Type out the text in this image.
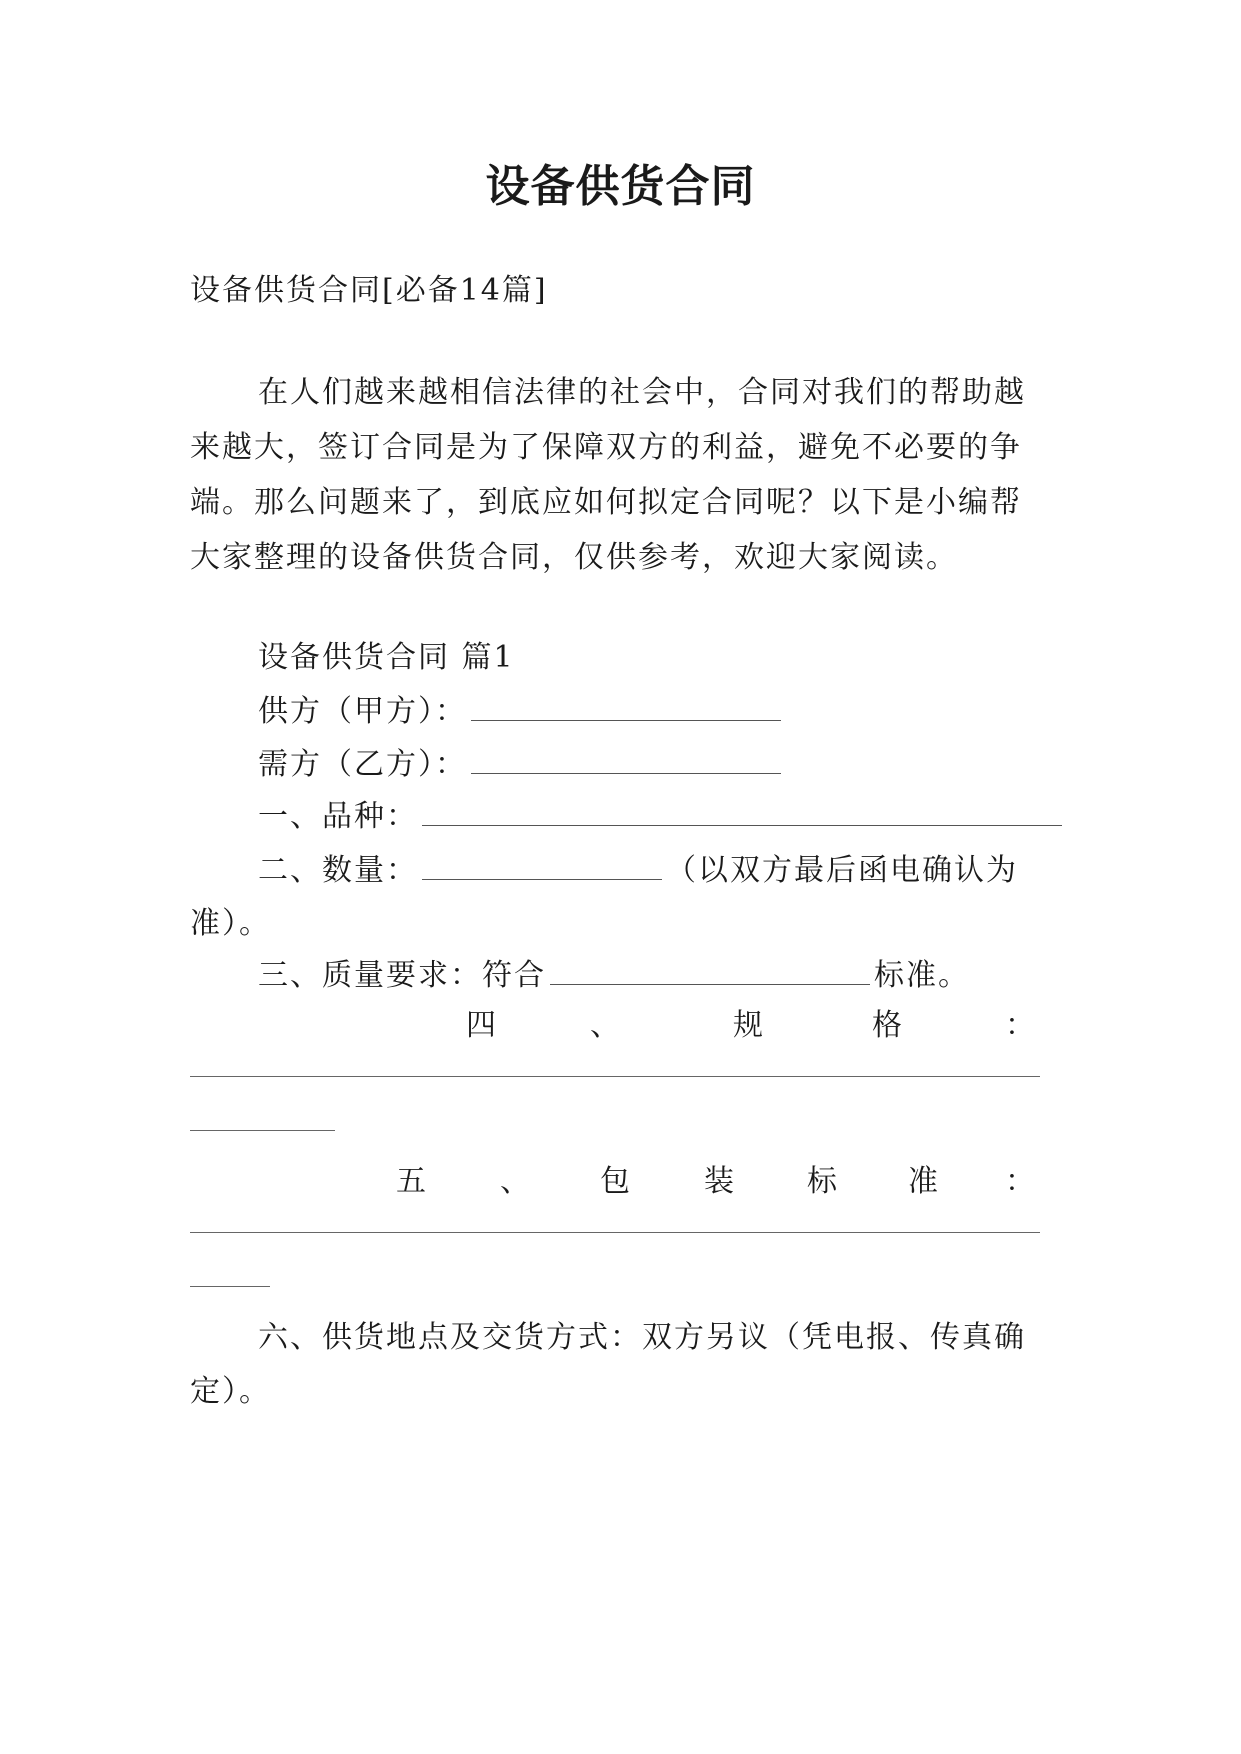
设备供货合同
设备供货合同[必备14篇]
在人们越来越相信法律的社会中，合同对我们的帮助越
来越大，签订合同是为了保障双方的利益，避免不必要的争
端。那么问题来了，到底应如何拟定合同呢？以下是小编帮
大家整理的设备供货合同，仅供参考，欢迎大家阅读。
设备供货合同 篇1
供方（甲方）：
需方（乙方）：
一、品种：
二、数量：	（以双方最后函电确认为
准）。
三、质量要求：符合	标准。
四	、	规	格	：
五 、 包 装 标 准 ：
六、供货地点及交货方式：双方另议（凭电报、传真确
定）。
